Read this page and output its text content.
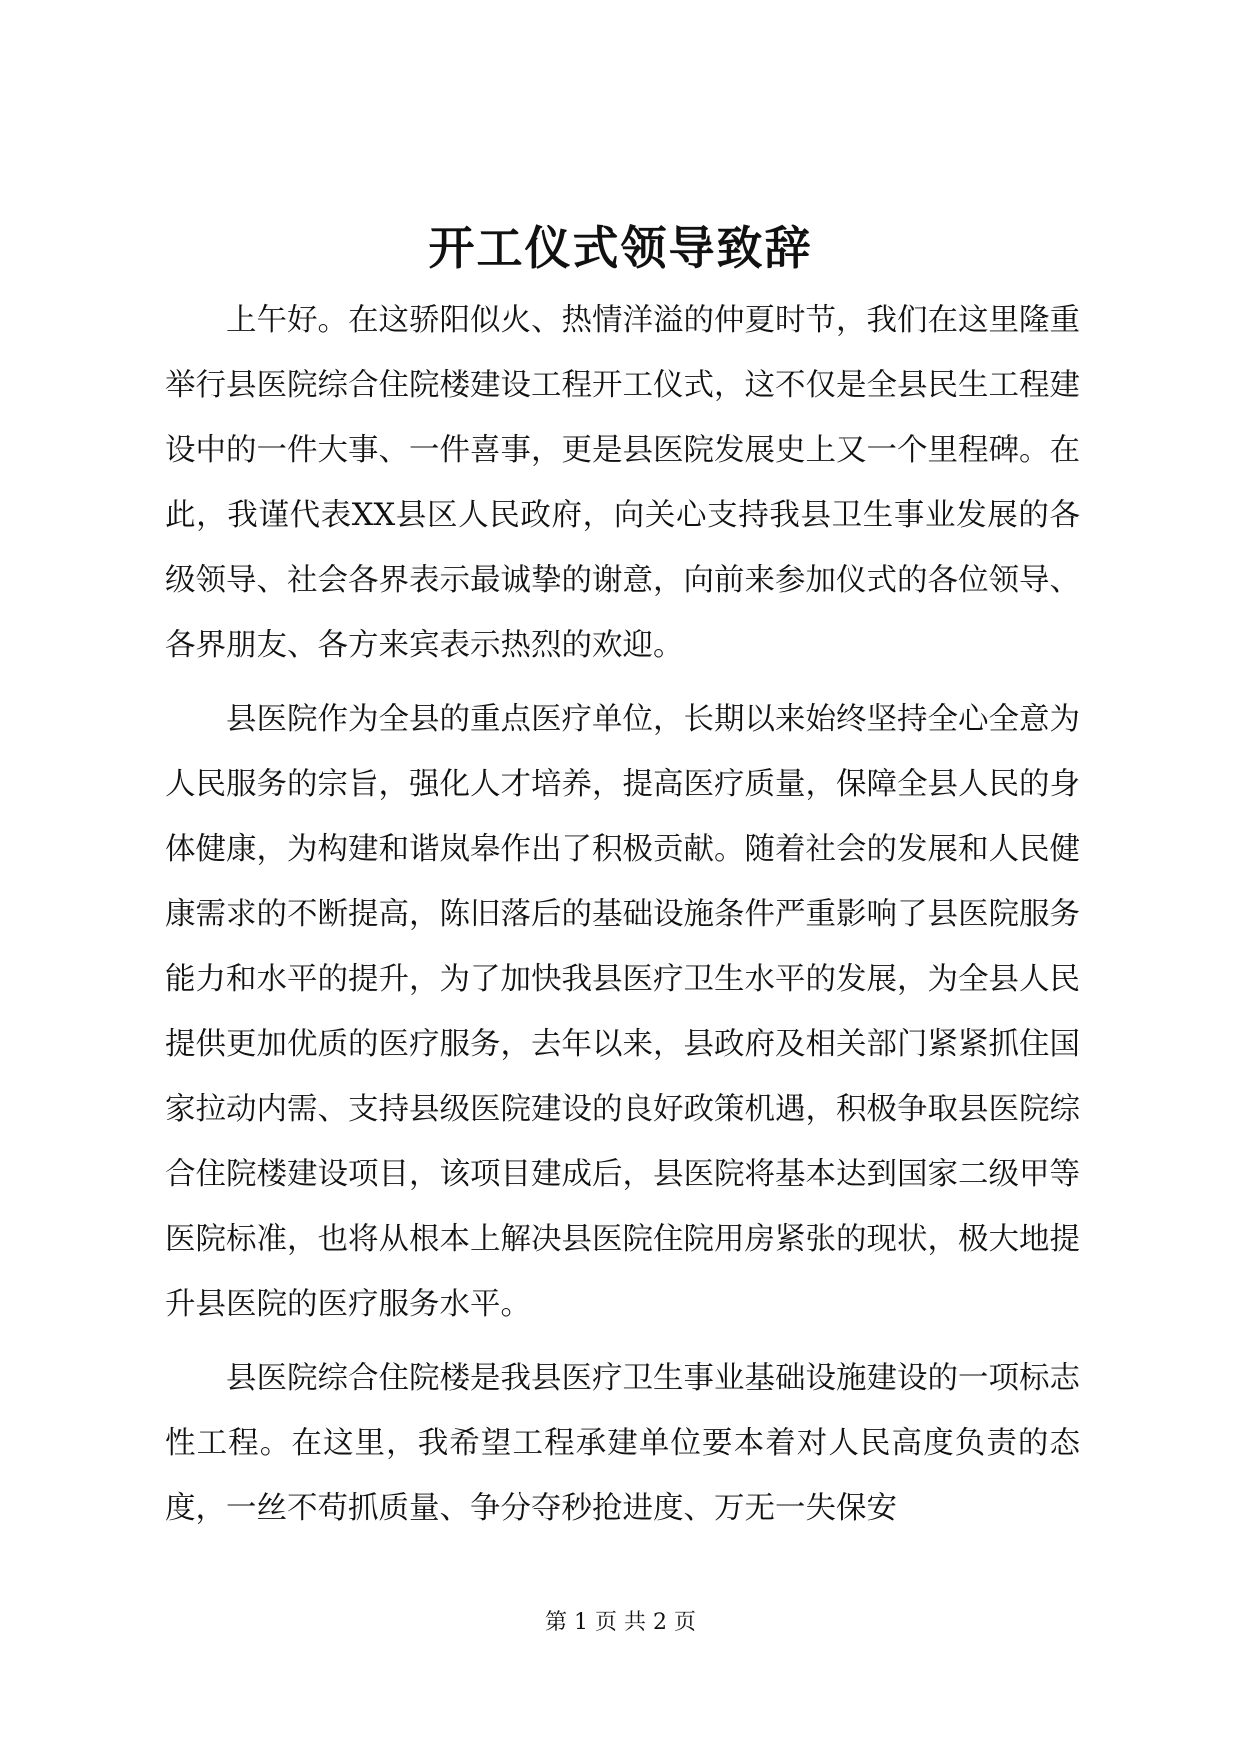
开工仪式领导致辞

上午好。在这骄阳似火、热情洋溢的仲夏时节，我们在这里隆重举行县医院综合住院楼建设工程开工仪式，这不仅是全县民生工程建设中的一件大事、一件喜事，更是县医院发展史上又一个里程碑。在此，我谨代表XX县区人民政府，向关心支持我县卫生事业发展的各级领导、社会各界表示最诚挚的谢意，向前来参加仪式的各位领导、各界朋友、各方来宾表示热烈的欢迎。

县医院作为全县的重点医疗单位，长期以来始终坚持全心全意为人民服务的宗旨，强化人才培养，提高医疗质量，保障全县人民的身体健康，为构建和谐岚皋作出了积极贡献。随着社会的发展和人民健康需求的不断提高，陈旧落后的基础设施条件严重影响了县医院服务能力和水平的提升，为了加快我县医疗卫生水平的发展，为全县人民提供更加优质的医疗服务，去年以来，县政府及相关部门紧紧抓住国家拉动内需、支持县级医院建设的良好政策机遇，积极争取县医院综合住院楼建设项目，该项目建成后，县医院将基本达到国家二级甲等医院标准，也将从根本上解决县医院住院用房紧张的现状，极大地提升县医院的医疗服务水平。

县医院综合住院楼是我县医疗卫生事业基础设施建设的一项标志性工程。在这里，我希望工程承建单位要本着对人民高度负责的态度，一丝不苟抓质量、争分夺秒抢进度、万无一失保安

第 1 页 共 2 页
